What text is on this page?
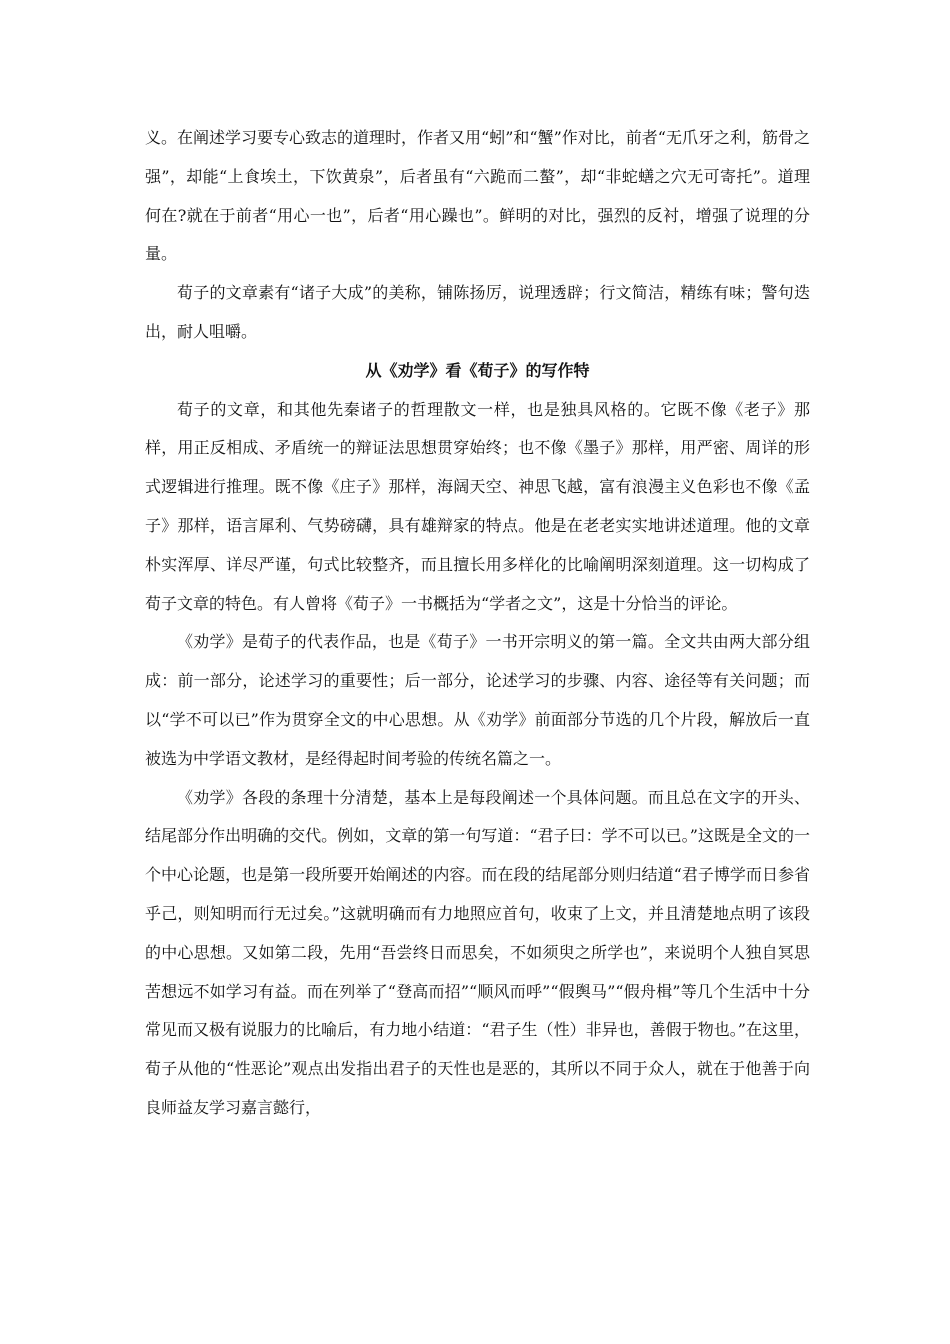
义。在阐述学习要专心致志的道理时，作者又用“蚓”和“蟹”作对比，前者“无爪牙之利，筋骨之强”，却能“上食埃土，下饮黄泉”，后者虽有“六跪而二螯”，却“非蛇蟮之穴无可寄托”。道理何在?就在于前者“用心一也”，后者“用心躁也”。鲜明的对比，强烈的反衬，增强了说理的分量。

荀子的文章素有“诸子大成”的美称，铺陈扬厉，说理透辟；行文简洁，精练有味；警句迭出，耐人咀嚼。

从《劝学》看《荀子》的写作特

荀子的文章，和其他先秦诸子的哲理散文一样，也是独具风格的。它既不像《老子》那样，用正反相成、矛盾统一的辩证法思想贯穿始终；也不像《墨子》那样，用严密、周详的形式逻辑进行推理。既不像《庄子》那样，海阔天空、神思飞越，富有浪漫主义色彩也不像《孟子》那样，语言犀利、气势磅礴，具有雄辩家的特点。他是在老老实实地讲述道理。他的文章朴实浑厚、详尽严谨，句式比较整齐，而且擅长用多样化的比喻阐明深刻道理。这一切构成了荀子文章的特色。有人曾将《荀子》一书概括为“学者之文”，这是十分恰当的评论。

《劝学》是荀子的代表作品，也是《荀子》一书开宗明义的第一篇。全文共由两大部分组成：前一部分，论述学习的重要性；后一部分，论述学习的步骤、内容、途径等有关问题；而以“学不可以已”作为贯穿全文的中心思想。从《劝学》前面部分节选的几个片段，解放后一直被选为中学语文教材，是经得起时间考验的传统名篇之一。

《劝学》各段的条理十分清楚，基本上是每段阐述一个具体问题。而且总在文字的开头、结尾部分作出明确的交代。例如，文章的第一句写道：“君子曰：学不可以已。”这既是全文的一个中心论题，也是第一段所要开始阐述的内容。而在段的结尾部分则归结道“君子博学而日参省乎己，则知明而行无过矣。”这就明确而有力地照应首句，收束了上文，并且清楚地点明了该段的中心思想。又如第二段，先用“吾尝终日而思矣，不如须臾之所学也”，来说明个人独自冥思苦想远不如学习有益。而在列举了“登高而招”“顺风而呼”“假舆马”“假舟楫”等几个生活中十分常见而又极有说服力的比喻后，有力地小结道：“君子生（性）非异也，善假于物也。”在这里，荀子从他的“性恶论”观点出发指出君子的天性也是恶的，其所以不同于众人，就在于他善于向良师益友学习嘉言懿行，
